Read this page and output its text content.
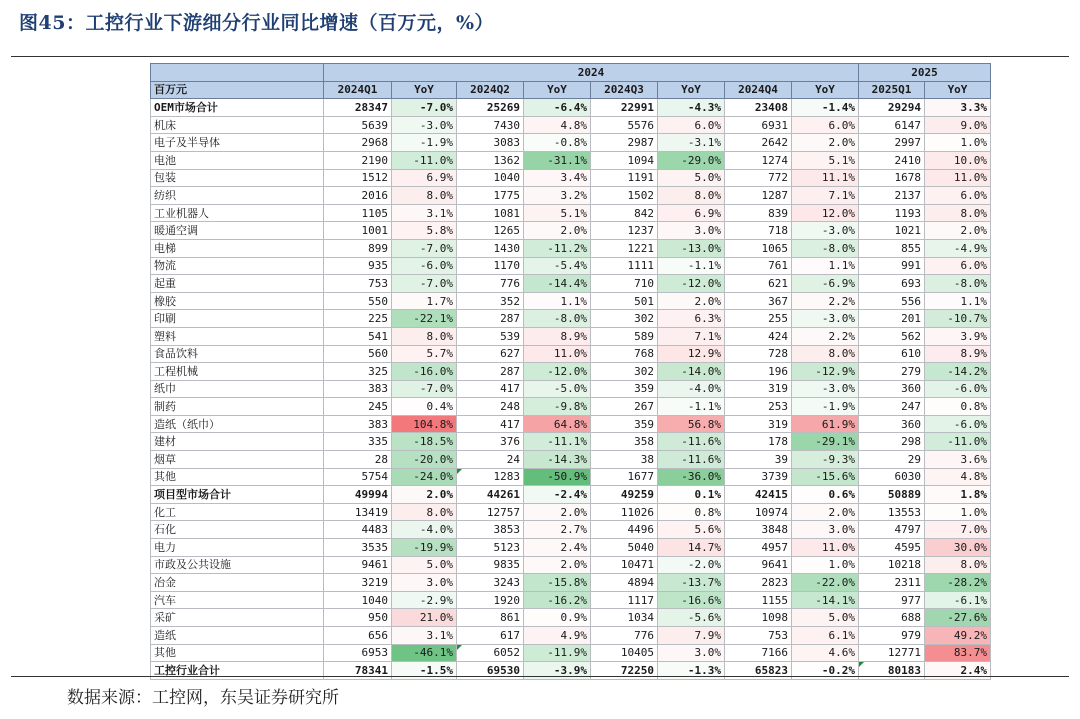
图45：工控行业下游细分行业同比增速（百万元，%）
	2024								2025	
百万元	2024Q1	YoY	2024Q2	YoY	2024Q3	YoY	2024Q4	YoY	2025Q1	YoY
OEM市场合计	28347	-7.0%	25269	-6.4%	22991	-4.3%	23408	-1.4%	29294	3.3%
机床	5639	-3.0%	7430	4.8%	5576	6.0%	6931	6.0%	6147	9.0%
电子及半导体	2968	-1.9%	3083	-0.8%	2987	-3.1%	2642	2.0%	2997	1.0%
电池	2190	-11.0%	1362	-31.1%	1094	-29.0%	1274	5.1%	2410	10.0%
包装	1512	6.9%	1040	3.4%	1191	5.0%	772	11.1%	1678	11.0%
纺织	2016	8.0%	1775	3.2%	1502	8.0%	1287	7.1%	2137	6.0%
工业机器人	1105	3.1%	1081	5.1%	842	6.9%	839	12.0%	1193	8.0%
暖通空调	1001	5.8%	1265	2.0%	1237	3.0%	718	-3.0%	1021	2.0%
电梯	899	-7.0%	1430	-11.2%	1221	-13.0%	1065	-8.0%	855	-4.9%
物流	935	-6.0%	1170	-5.4%	1111	-1.1%	761	1.1%	991	6.0%
起重	753	-7.0%	776	-14.4%	710	-12.0%	621	-6.9%	693	-8.0%
橡胶	550	1.7%	352	1.1%	501	2.0%	367	2.2%	556	1.1%
印刷	225	-22.1%	287	-8.0%	302	6.3%	255	-3.0%	201	-10.7%
塑料	541	8.0%	539	8.9%	589	7.1%	424	2.2%	562	3.9%
食品饮料	560	5.7%	627	11.0%	768	12.9%	728	8.0%	610	8.9%
工程机械	325	-16.0%	287	-12.0%	302	-14.0%	196	-12.9%	279	-14.2%
纸巾	383	-7.0%	417	-5.0%	359	-4.0%	319	-3.0%	360	-6.0%
制药	245	0.4%	248	-9.8%	267	-1.1%	253	-1.9%	247	0.8%
造纸（纸巾）	383	104.8%	417	64.8%	359	56.8%	319	61.9%	360	-6.0%
建材	335	-18.5%	376	-11.1%	358	-11.6%	178	-29.1%	298	-11.0%
烟草	28	-20.0%	24	-14.3%	38	-11.6%	39	-9.3%	29	3.6%
其他	5754	-24.0%	1283	-50.9%	1677	-36.0%	3739	-15.6%	6030	4.8%
项目型市场合计	49994	2.0%	44261	-2.4%	49259	0.1%	42415	0.6%	50889	1.8%
化工	13419	8.0%	12757	2.0%	11026	0.8%	10974	2.0%	13553	1.0%
石化	4483	-4.0%	3853	2.7%	4496	5.6%	3848	3.0%	4797	7.0%
电力	3535	-19.9%	5123	2.4%	5040	14.7%	4957	11.0%	4595	30.0%
市政及公共设施	9461	5.0%	9835	2.0%	10471	-2.0%	9641	1.0%	10218	8.0%
冶金	3219	3.0%	3243	-15.8%	4894	-13.7%	2823	-22.0%	2311	-28.2%
汽车	1040	-2.9%	1920	-16.2%	1117	-16.6%	1155	-14.1%	977	-6.1%
采矿	950	21.0%	861	0.9%	1034	-5.6%	1098	5.0%	688	-27.6%
造纸	656	3.1%	617	4.9%	776	7.9%	753	6.1%	979	49.2%
其他	6953	-46.1%	6052	-11.9%	10405	3.0%	7166	4.6%	12771	83.7%
工控行业合计	78341	-1.5%	69530	-3.9%	72250	-1.3%	65823	-0.2%	80183	2.4%
数据来源：工控网，东吴证券研究所
